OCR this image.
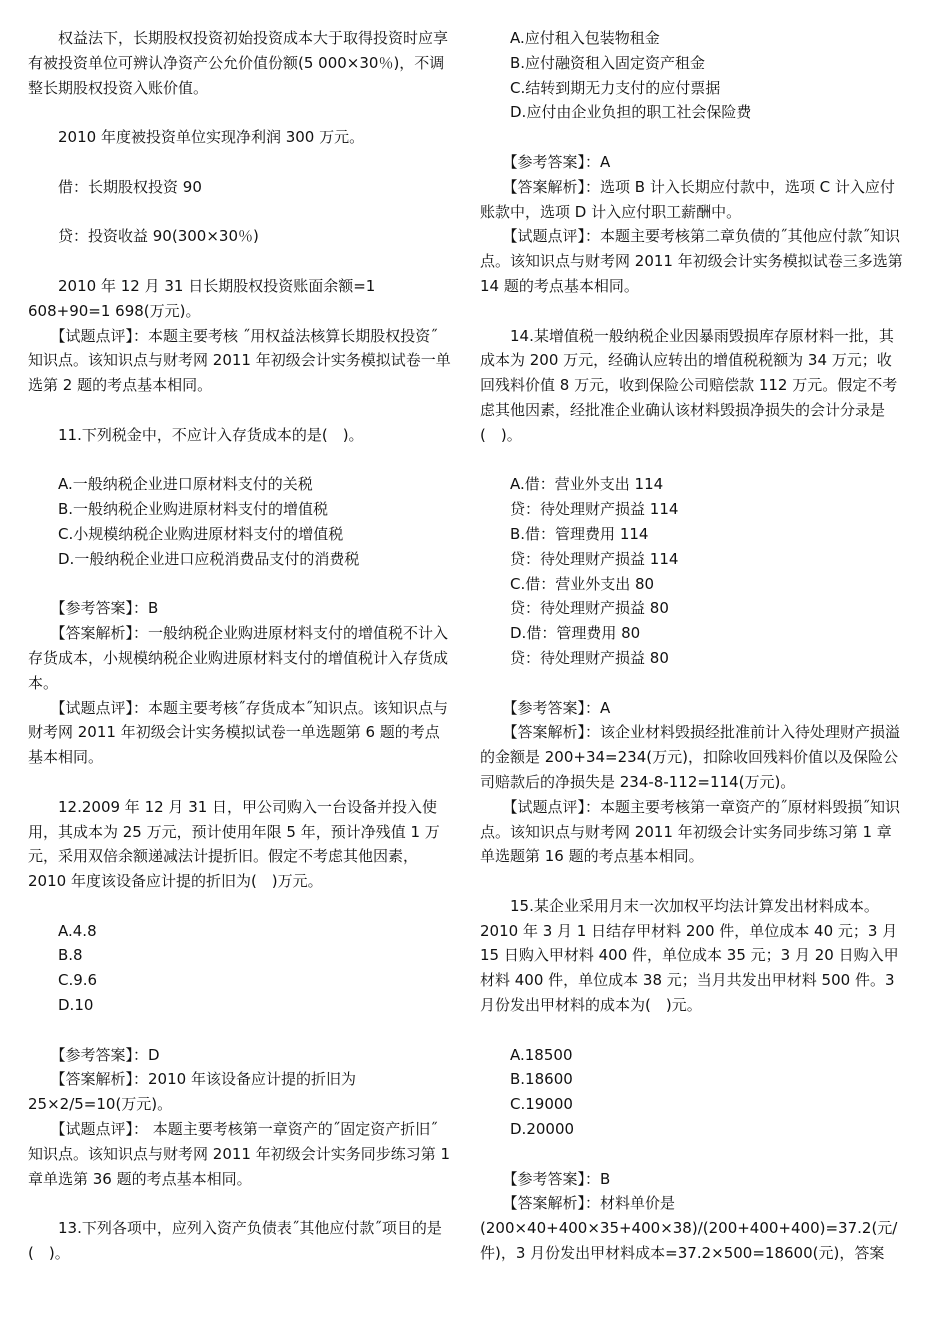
　　权益法下，长期股权投资初始投资成本大于取得投资时应享有被投资单位可辨认净资产公允价值份额(5 000×30％)，不调整长期股权投资入账价值。

　　2010 年度被投资单位实现净利润 300 万元。

　　借：长期股权投资 90

　　贷：投资收益 90(300×30％)

　　2010 年 12 月 31 日长期股权投资账面余额=1 608+90=1 698(万元)。

　　【试题点评】：本题主要考核 ˝用权益法核算长期股权投资˝知识点。该知识点与财考网 2011 年初级会计实务模拟试卷一单选第 2 题的考点基本相同。

　　11.下列税金中，不应计入存货成本的是(　)。

　　A.一般纳税企业进口原材料支付的关税

　　B.一般纳税企业购进原材料支付的增值税

　　C.小规模纳税企业购进原材料支付的增值税

　　D.一般纳税企业进口应税消费品支付的消费税

　　【参考答案】：B

　　【答案解析】：一般纳税企业购进原材料支付的增值税不计入存货成本，小规模纳税企业购进原材料支付的增值税计入存货成本。

　　【试题点评】：本题主要考核˝存货成本˝知识点。该知识点与财考网 2011 年初级会计实务模拟试卷一单选题第 6 题的考点基本相同。

　　12.2009 年 12 月 31 日，甲公司购入一台设备并投入使用，其成本为 25 万元，预计使用年限 5 年，预计净残值 1 万元，采用双倍余额递减法计提折旧。假定不考虑其他因素，2010 年度该设备应计提的折旧为(　)万元。

　　A.4.8

　　B.8

　　C.9.6

　　D.10

　　【参考答案】：D

　　【答案解析】：2010 年该设备应计提的折旧为25×2/5=10(万元)。

　　【试题点评】： 本题主要考核第一章资产的˝固定资产折旧˝知识点。该知识点与财考网 2011 年初级会计实务同步练习第 1 章单选第 36 题的考点基本相同。

　　13.下列各项中，应列入资产负债表˝其他应付款˝项目的是(　)。

　　A.应付租入包装物租金

　　B.应付融资租入固定资产租金

　　C.结转到期无力支付的应付票据

　　D.应付由企业负担的职工社会保险费

　　【参考答案】：A

　　【答案解析】：选项 B 计入长期应付款中，选项 C 计入应付账款中，选项 D 计入应付职工薪酬中。

　　【试题点评】：本题主要考核第二章负债的˝其他应付款˝知识点。该知识点与财考网 2011 年初级会计实务模拟试卷三多选第 14 题的考点基本相同。

　　14.某增值税一般纳税企业因暴雨毁损库存原材料一批，其成本为 200 万元，经确认应转出的增值税税额为 34 万元；收回残料价值 8 万元，收到保险公司赔偿款 112 万元。假定不考虑其他因素，经批准企业确认该材料毁损净损失的会计分录是(　)。

　　A.借：营业外支出 114

　　贷：待处理财产损益 114

　　B.借：管理费用 114

　　贷：待处理财产损益 114

　　C.借：营业外支出 80

　　贷：待处理财产损益 80

　　D.借：管理费用 80

　　贷：待处理财产损益 80

　　【参考答案】：A

　　【答案解析】：该企业材料毁损经批准前计入待处理财产损溢的金额是 200+34=234(万元)，扣除收回残料价值以及保险公司赔款后的净损失是 234-8-112=114(万元)。

　　【试题点评】：本题主要考核第一章资产的˝原材料毁损˝知识点。该知识点与财考网 2011 年初级会计实务同步练习第 1 章单选题第 16 题的考点基本相同。

　　15.某企业采用月末一次加权平均法计算发出材料成本。2010 年 3 月 1 日结存甲材料 200 件，单位成本 40 元；3 月 15 日购入甲材料 400 件，单位成本 35 元；3 月 20 日购入甲材料 400 件，单位成本 38 元；当月共发出甲材料 500 件。3 月份发出甲材料的成本为(　)元。

　　A.18500

　　B.18600

　　C.19000

　　D.20000

　　【参考答案】：B

　　【答案解析】：材料单价是(200×40+400×35+400×38)/(200+400+400)=37.2(元/件)，3 月份发出甲材料成本=37.2×500=18600(元)，答案
